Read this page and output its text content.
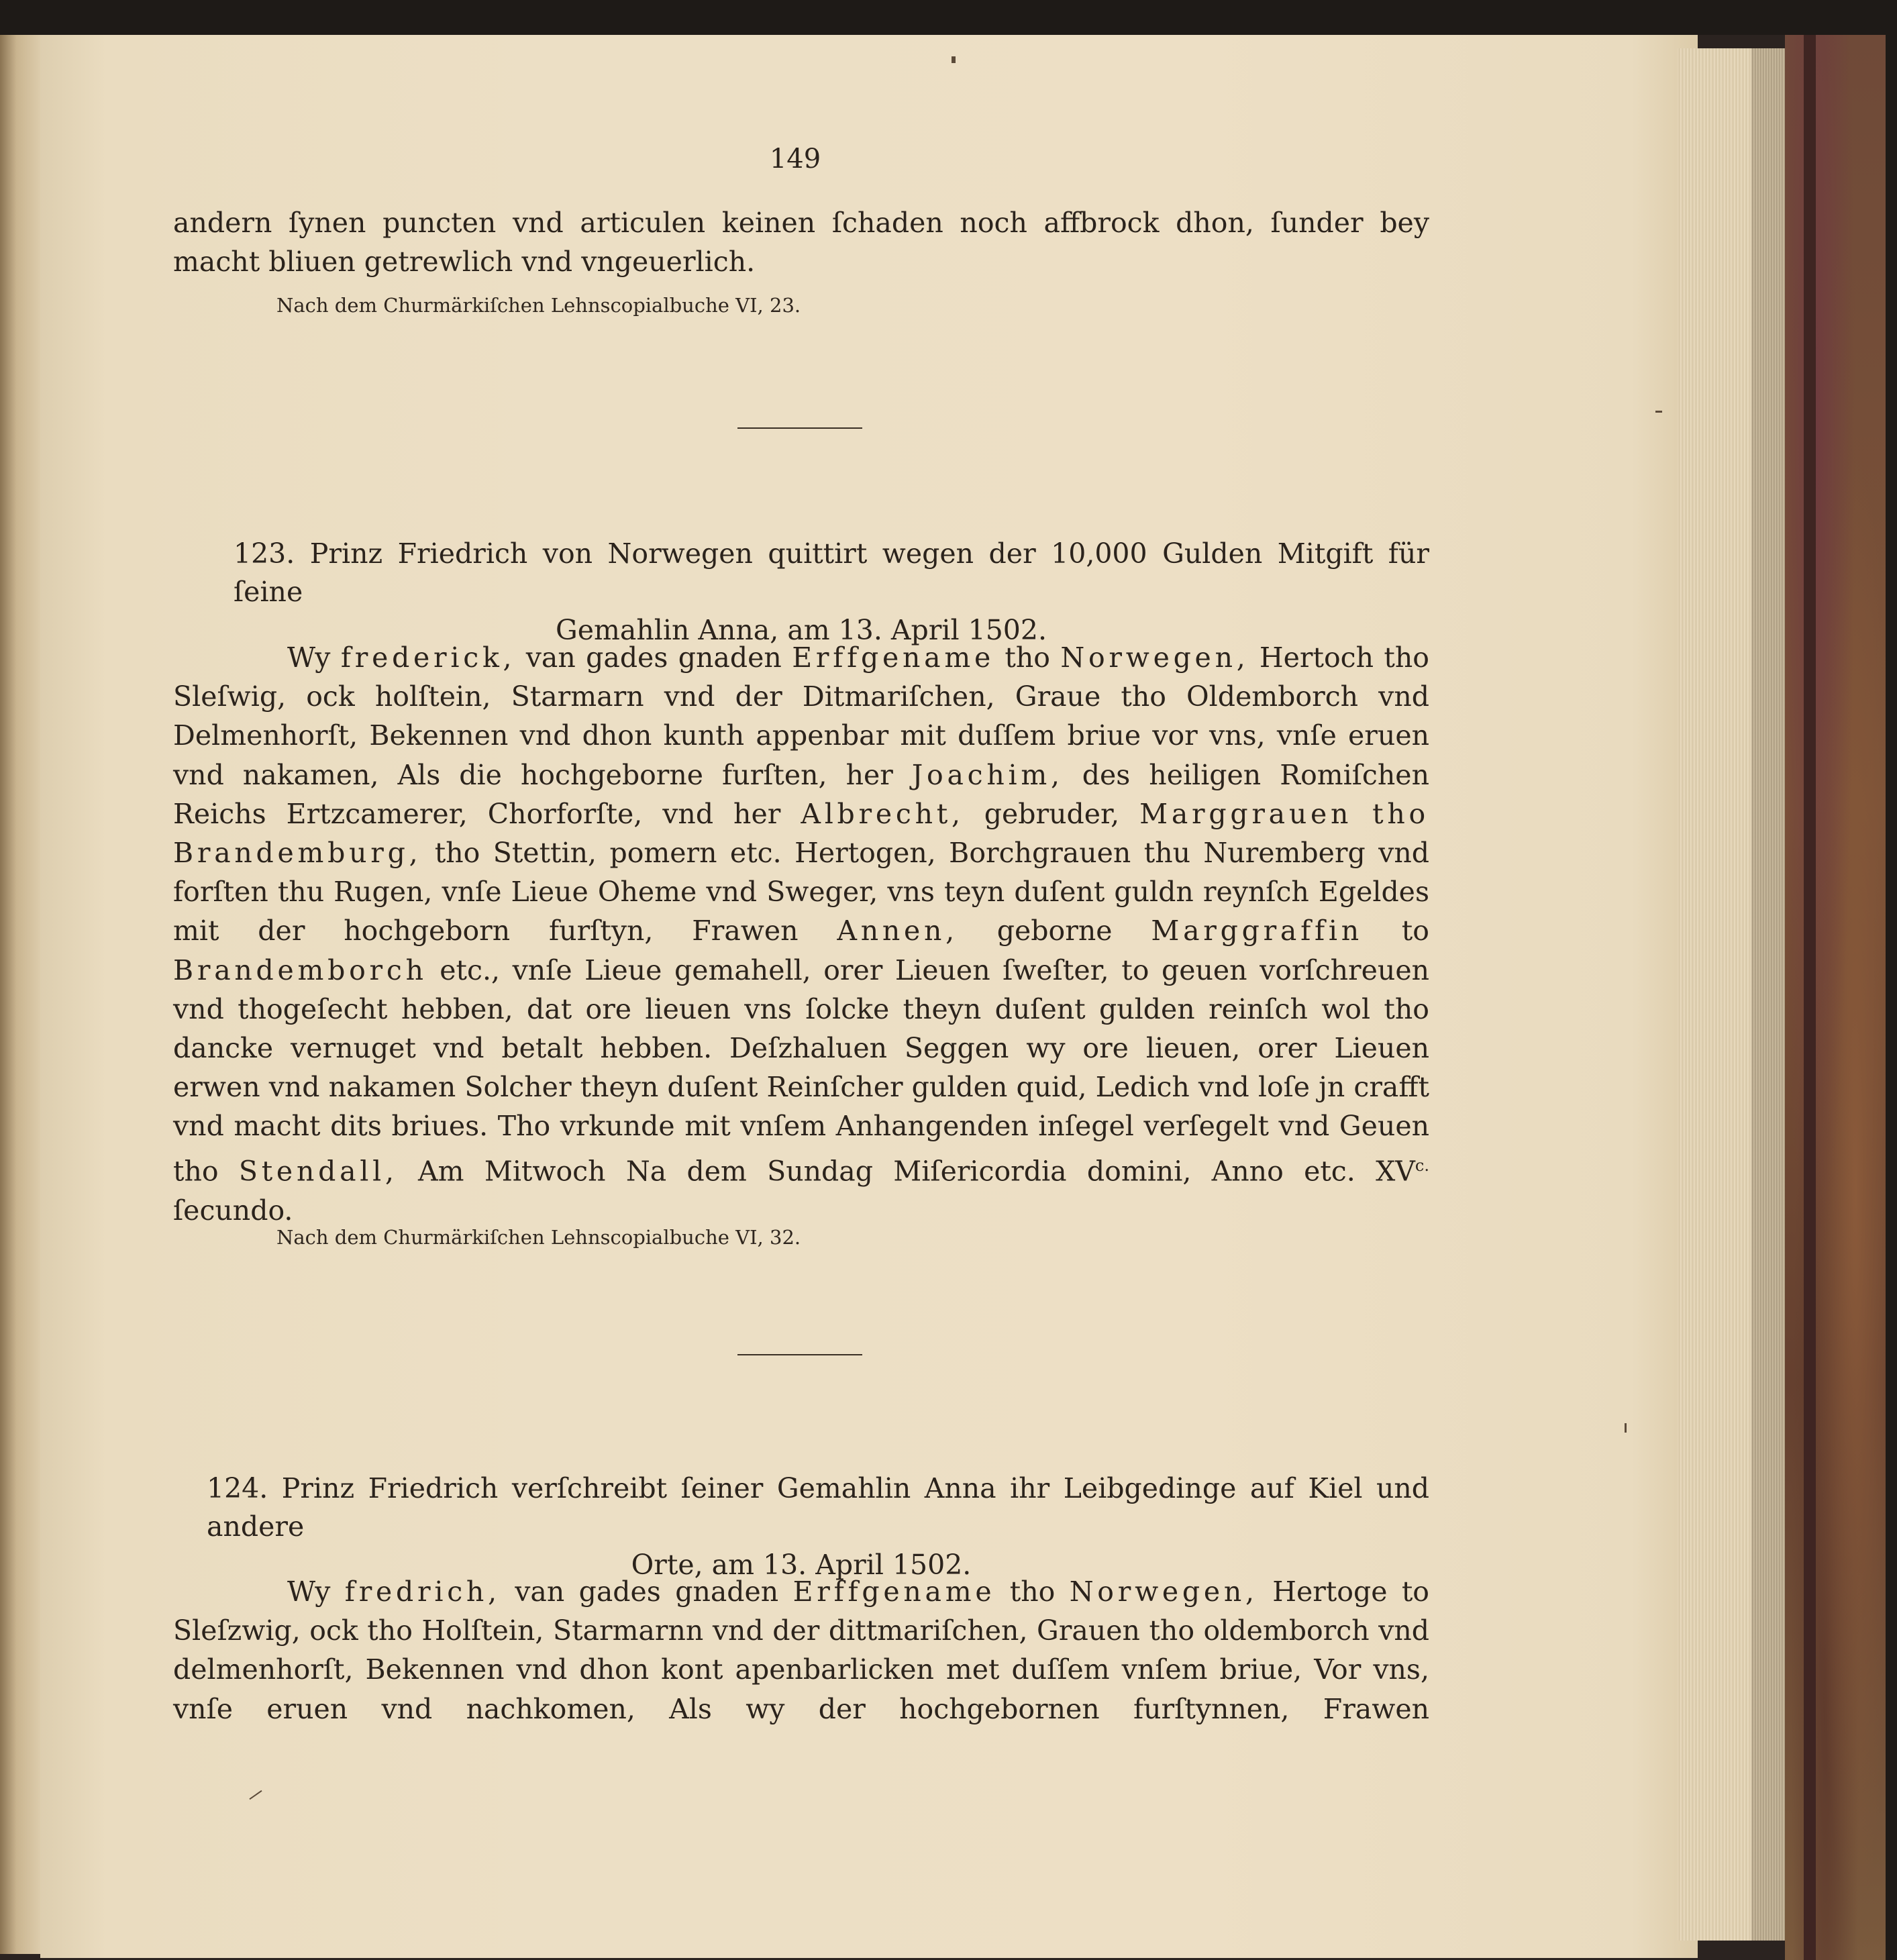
149

andern ſynen puncten vnd articulen keinen ſchaden noch affbrock dhon, ſunder bey

macht bliuen getrewlich vnd vngeuerlich.

Nach dem Churmärkiſchen Lehnscopialbuche VI, 23.
123. Prinz Friedrich von Norwegen quittirt wegen der 10,000 Gulden Mitgift für ſeine
Gemahlin Anna, am 13. April 1502.

Wy frederick, van gades gnaden Erffgename tho Norwegen, Hertoch tho Sleſwig, ock holſtein, Starmarn vnd der Ditmariſchen, Graue tho Oldemborch vnd Delmenhorſt, Bekennen vnd dhon kunth appenbar mit duſſem briue vor vns, vnſe eruen vnd nakamen, Als die hochgeborne furſten, her Joachim, des heiligen Romiſchen Reichs Ertzcamerer, Chorforſte, vnd her Albrecht, gebruder, Marggrauen tho Brandemburg, tho Stettin, pomern etc. Hertogen, Borchgrauen thu Nuremberg vnd forſten thu Rugen, vnſe Lieue Oheme vnd Sweger, vns teyn duſent guldn reynſch Egeldes mit der hochgeborn furſtyn, Frawen Annen, geborne Marggraffin to Brandemborch etc., vnſe Lieue gemahell, orer Lieuen ſweſter, to geuen vorſchreuen vnd thogeſecht hebben, dat ore lieuen vns ſolcke theyn duſent gulden reinſch wol tho dancke vernuget vnd betalt hebben. Deſzhaluen Seggen wy ore lieuen, orer Lieuen erwen vnd nakamen Solcher theyn duſent Reinſcher gulden quid, Ledich vnd loſe jn crafft vnd macht dits briues. Tho vrkunde mit vnſem Anhangenden inſegel verſegelt vnd Geuen tho Stendall, Am Mitwoch Na dem Sundag Miſericordia domini, Anno etc. $XV^{c.}$ ſecundo.

Nach dem Churmärkiſchen Lehnscopialbuche VI, 32.
124. Prinz Friedrich verſchreibt ſeiner Gemahlin Anna ihr Leibgedinge auf Kiel und andere
Orte, am 13. April 1502.

Wy fredrich, van gades gnaden Erffgename tho Norwegen, Hertoge to Sleſzwig, ock tho Holſtein, Starmarnn vnd der dittmariſchen, Grauen tho oldemborch vnd delmenhorſt, Bekennen vnd dhon kont apenbarlicken met duſſem vnſem briue, Vor vns, vnſe eruen vnd nachkomen, Als wy der hochgebornen furſtynnen, Frawen
